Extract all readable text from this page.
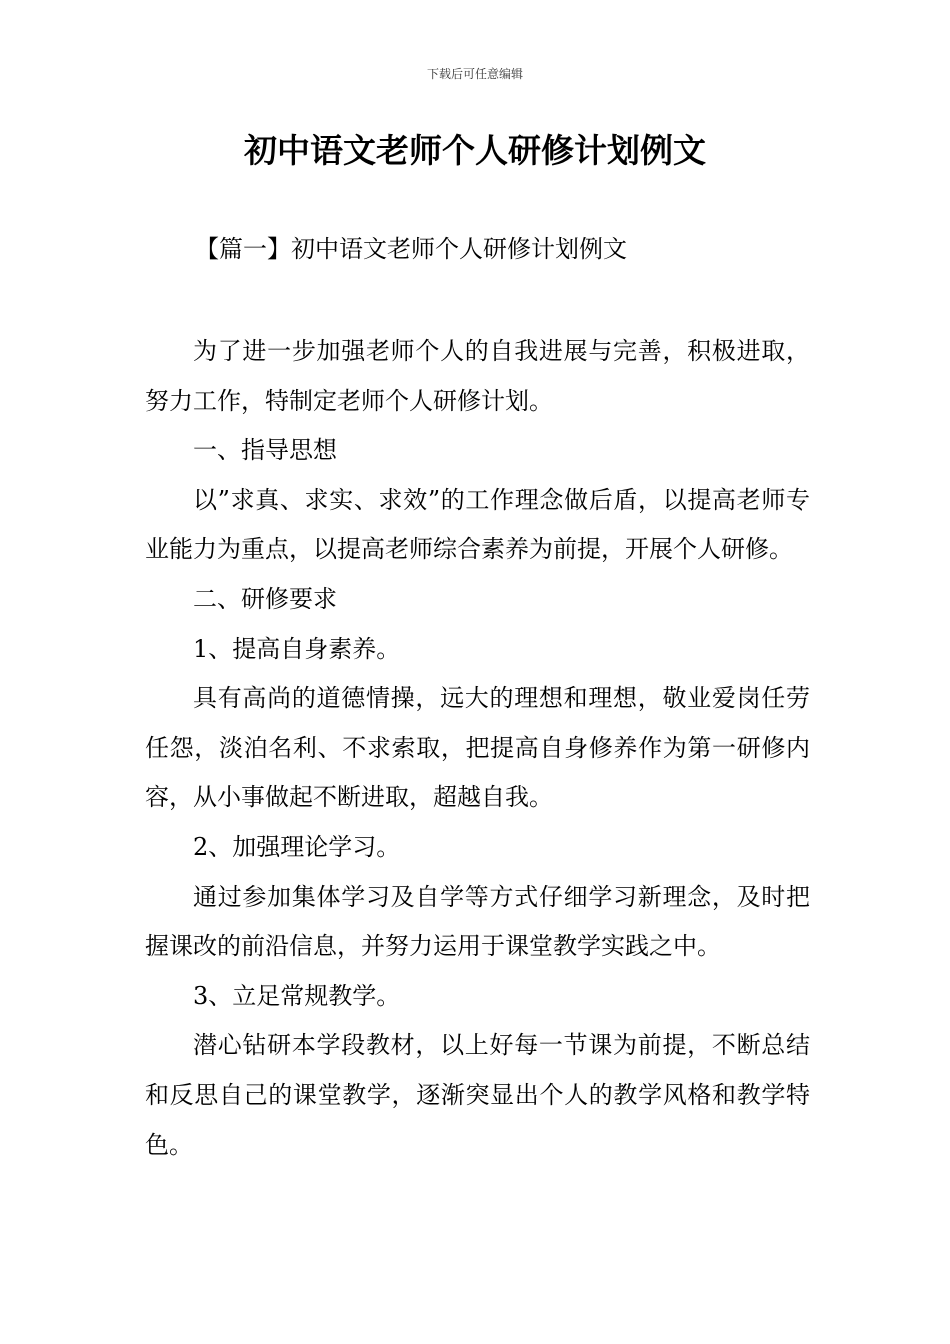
下载后可任意编辑
初中语文老师个人研修计划例文
【篇一】初中语文老师个人研修计划例文

为了进一步加强老师个人的自我进展与完善，积极进取，努力工作，特制定老师个人研修计划。

一、指导思想

以”求真、求实、求效”的工作理念做后盾，以提高老师专业能力为重点，以提高老师综合素养为前提，开展个人研修。

二、研修要求

1、提高自身素养。

具有高尚的道德情操，远大的理想和理想，敬业爱岗任劳任怨，淡泊名利、不求索取，把提高自身修养作为第一研修内容，从小事做起不断进取，超越自我。

2、加强理论学习。

通过参加集体学习及自学等方式仔细学习新理念，及时把握课改的前沿信息，并努力运用于课堂教学实践之中。

3、立足常规教学。

潜心钻研本学段教材，以上好每一节课为前提，不断总结和反思自己的课堂教学，逐渐突显出个人的教学风格和教学特色。
